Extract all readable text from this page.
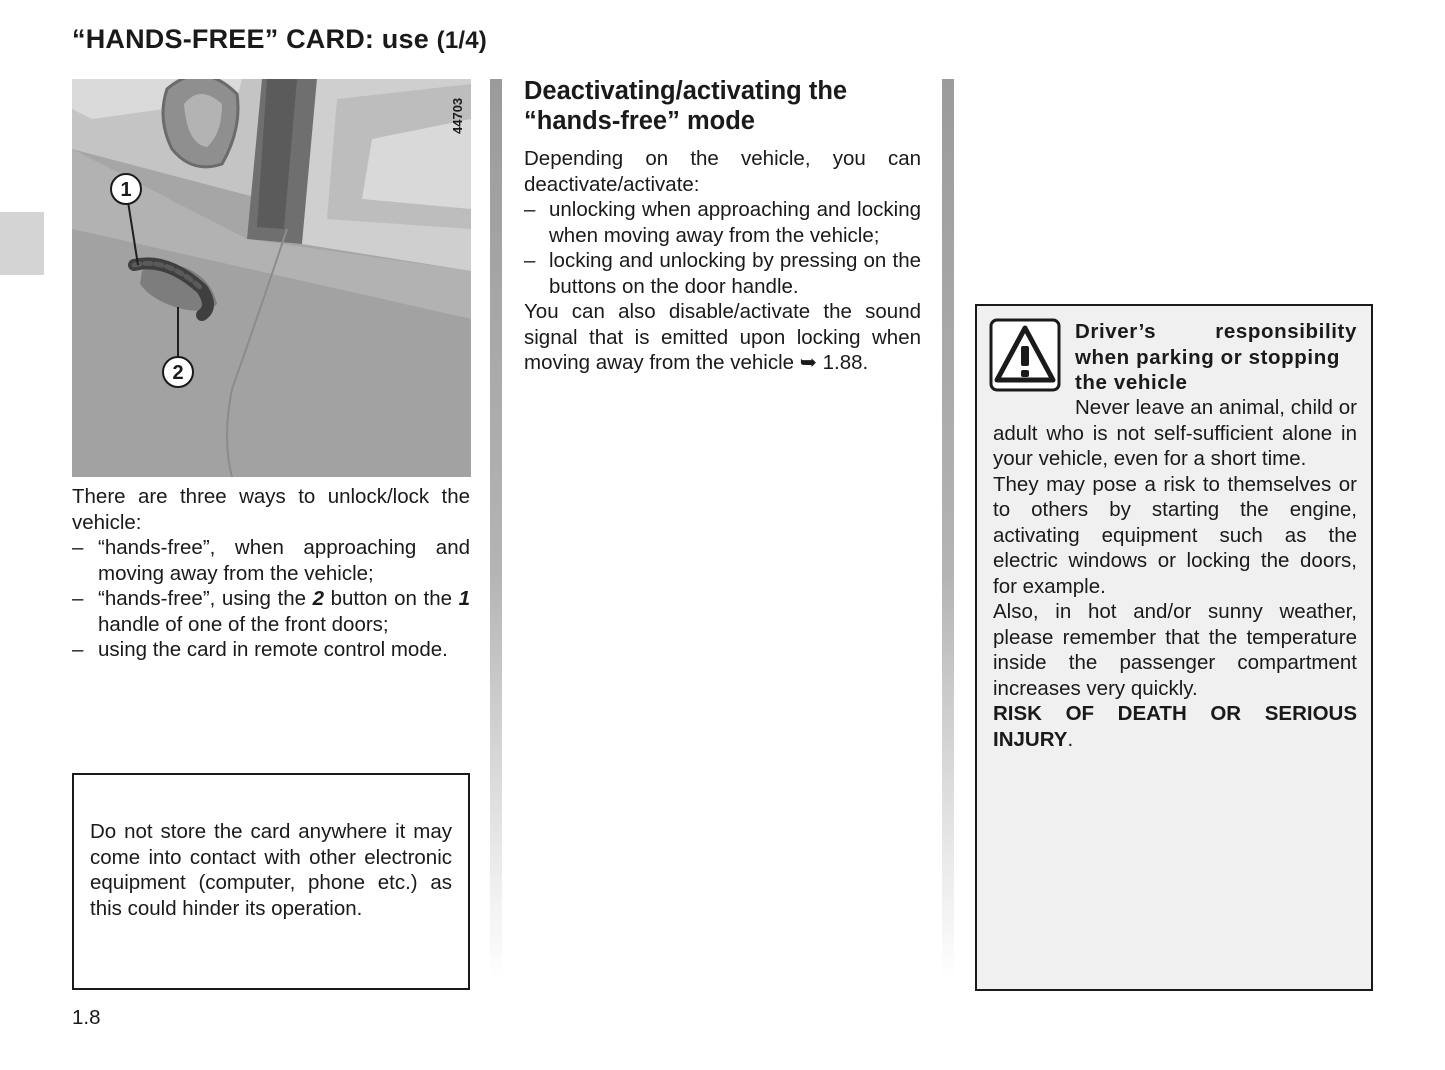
“HANDS-FREE” CARD: use (1/4)
1
2
44703
There are three ways to unlock/lock the vehicle:
– “hands-free”, when approaching and moving away from the vehicle;
– “hands-free”, using the 2 button on the 1 handle of one of the front doors;
– using the card in remote control mode.
Do not store the card anywhere it may come into contact with other electronic equipment (computer, phone etc.) as this could hinder its operation.
1.8
Deactivating/activating the
“hands-free” mode
Depending on the vehicle, you can deactivate/activate:
– unlocking when approaching and locking when moving away from the vehicle;
– locking and unlocking by pressing on the buttons on the door handle.
You can also disable/activate the sound signal that is emitted upon locking when moving away from the vehicle ➥ 1.88.
Driver’s responsibility
when parking or stopping
the vehicle
Never leave an animal, child or adult who is not self-sufficient alone in your vehicle, even for a short time.
They may pose a risk to themselves or to others by starting the engine, activating equipment such as the electric windows or locking the doors, for example.
Also, in hot and/or sunny weather, please remember that the temperature inside the passenger compartment increases very quickly.
RISK OF DEATH OR SERIOUS INJURY.
